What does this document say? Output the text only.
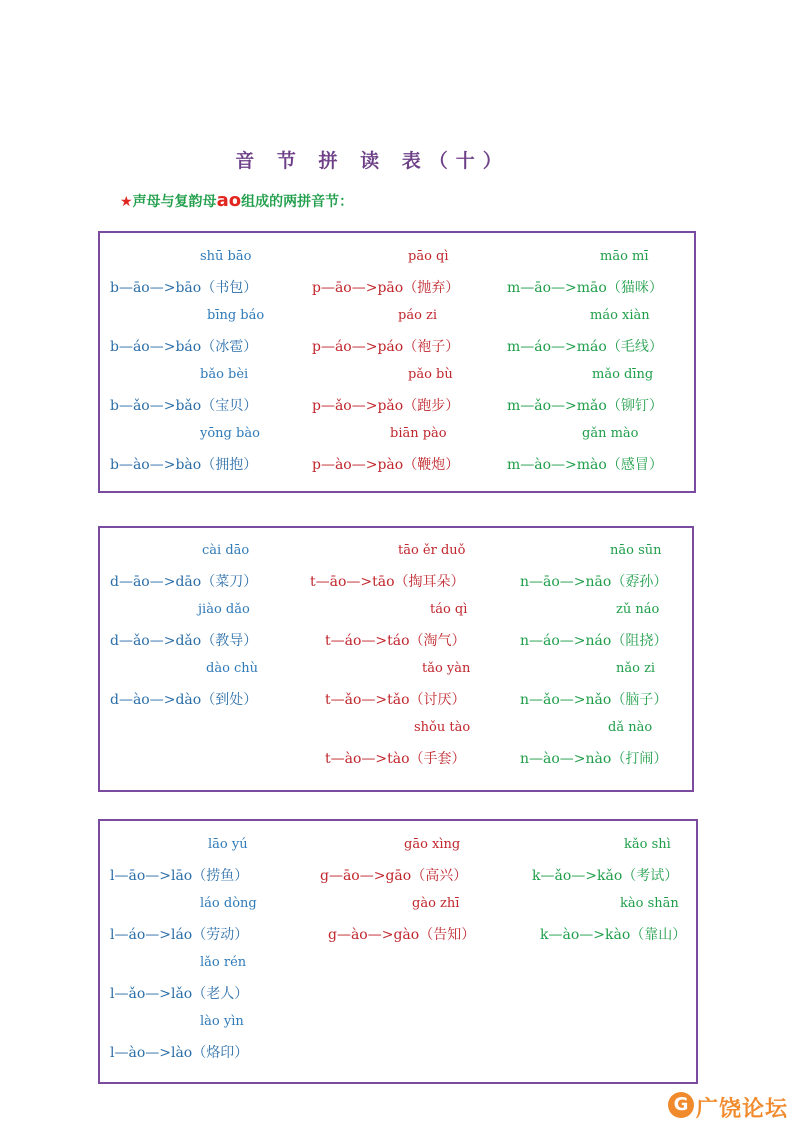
音 节 拼 读 表（十）
★声母与复韵母ao组成的两拼音节：
shū bāo
b—āo—>bāo（书包）
bīng báo
b—áo—>báo（冰雹）
bǎo bèi
b—ǎo—>bǎo（宝贝）
yōng bào
b—ào—>bào（拥抱）
pāo qì
p—āo—>pāo（抛弃）
páo zi
p—áo—>páo（袍子）
pǎo bù
p—ǎo—>pǎo（跑步）
biān pào
p—ào—>pào（鞭炮）
māo mī
m—āo—>māo（猫咪）
máo xiàn
m—áo—>máo（毛线）
mǎo dīng
m—ǎo—>mǎo（铆钉）
gǎn mào
m—ào—>mào（感冒）
cài dāo
d—āo—>dāo（菜刀）
jiào dǎo
d—ǎo—>dǎo（教导）
dào chù
d—ào—>dào（到处）
tāo ěr duǒ
t—āo—>tāo（掏耳朵）
táo qì
t—áo—>táo（淘气）
tǎo yàn
t—ǎo—>tǎo（讨厌）
shǒu tào
t—ào—>tào（手套）
nāo sūn
n—āo—>nāo（孬孙）
zǔ náo
n—áo—>náo（阻挠）
nǎo zi
n—ǎo—>nǎo（脑子）
dǎ nào
n—ào—>nào（打闹）
lāo yú
l—āo—>lāo（捞鱼）
láo dòng
l—áo—>láo（劳动）
lǎo rén
l—ǎo—>lǎo（老人）
lào yìn
l—ào—>lào（烙印）
gāo xìng
g—āo—>gāo（高兴）
gào zhī
g—ào—>gào（告知）
kǎo shì
k—ǎo—>kǎo（考试）
kào shān
k—ào—>kào（靠山）
G 广饶论坛
